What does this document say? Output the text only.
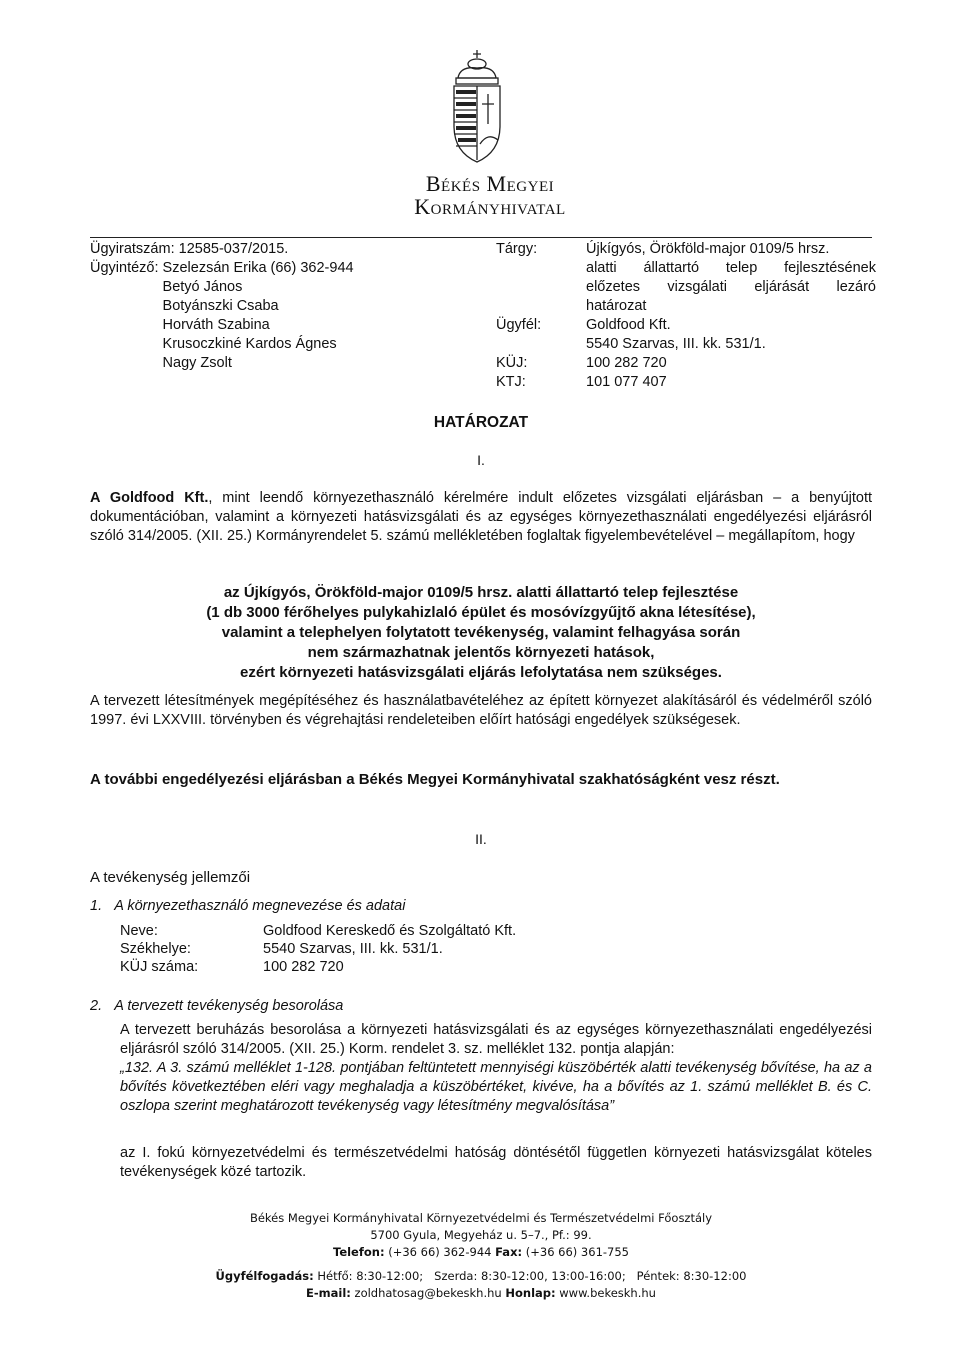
Békés Megyei
Kormányhivatal
Ügyiratszám:
12585-037/2015.
Ügyintéző:
Szelezsán Erika (66) 362-944
Betyó János
Botyánszki Csaba
Horváth Szabina
Krusoczkiné Kardos Ágnes
Nagy Zsolt
Tárgy:	Újkígyós, Örökföld-major 0109/5 hrsz.
alatti állattartó telep fejlesztésének
előzetes vizsgálati eljárását lezáró
határozat
Ügyfél:	Goldfood Kft.
5540 Szarvas, III. kk. 531/1.
KÜJ:	100 282 720
KTJ:	101 077 407
HATÁROZAT
I.
A Goldfood Kft., mint leendő környezethasználó kérelmére indult előzetes vizsgálati eljárásban – a benyújtott dokumentációban, valamint a környezeti hatásvizsgálati és az egységes környezethasználati engedélyezési eljárásról szóló 314/2005. (XII. 25.) Kormányrendelet 5. számú mellékletében foglaltak figyelembevételével – megállapítom, hogy
az Újkígyós, Örökföld-major 0109/5 hrsz. alatti állattartó telep fejlesztése
(1 db 3000 férőhelyes pulykahizlaló épület és mosóvízgyűjtő akna létesítése),
valamint a telephelyen folytatott tevékenység, valamint felhagyása során
nem származhatnak jelentős környezeti hatások,
ezért környezeti hatásvizsgálati eljárás lefolytatása nem szükséges.
A tervezett létesítmények megépítéséhez és használatbavételéhez az épített környezet alakításáról és védelméről szóló 1997. évi LXXVIII. törvényben és végrehajtási rendeleteiben előírt hatósági engedélyek szükségesek.
A további engedélyezési eljárásban a Békés Megyei Kormányhivatal szakhatóságként vesz részt.
II.
A tevékenység jellemzői
1. A környezethasználó megnevezése és adatai
Neve:	Goldfood Kereskedő és Szolgáltató Kft.
Székhelye:	5540 Szarvas, III. kk. 531/1.
KÜJ száma:	100 282 720
2. A tervezett tevékenység besorolása
A tervezett beruházás besorolása a környezeti hatásvizsgálati és az egységes környezethasználati engedélyezési eljárásról szóló 314/2005. (XII. 25.) Korm. rendelet 3. sz. melléklet 132. pontja alapján:
„132. A 3. számú melléklet 1-128. pontjában feltüntetett mennyiségi küszöbérték alatti tevékenység bővítése, ha az a bővítés következtében eléri vagy meghaladja a küszöbértéket, kivéve, ha a bővítés az 1. számú melléklet B. és C. oszlopa szerint meghatározott tevékenység vagy létesítmény megvalósítása”
az I. fokú környezetvédelmi és természetvédelmi hatóság döntésétől független környezeti hatásvizsgálat köteles tevékenységek közé tartozik.
Békés Megyei Kormányhivatal Környezetvédelmi és Természetvédelmi Főosztály
5700 Gyula, Megyeház u. 5–7., Pf.: 99.
Telefon: (+36 66) 362-944 Fax: (+36 66) 361-755
Ügyfélfogadás: Hétfő: 8:30-12:00; Szerda: 8:30-12:00, 13:00-16:00; Péntek: 8:30-12:00
E-mail: zoldhatosag@bekeskh.hu Honlap: www.bekeskh.hu
